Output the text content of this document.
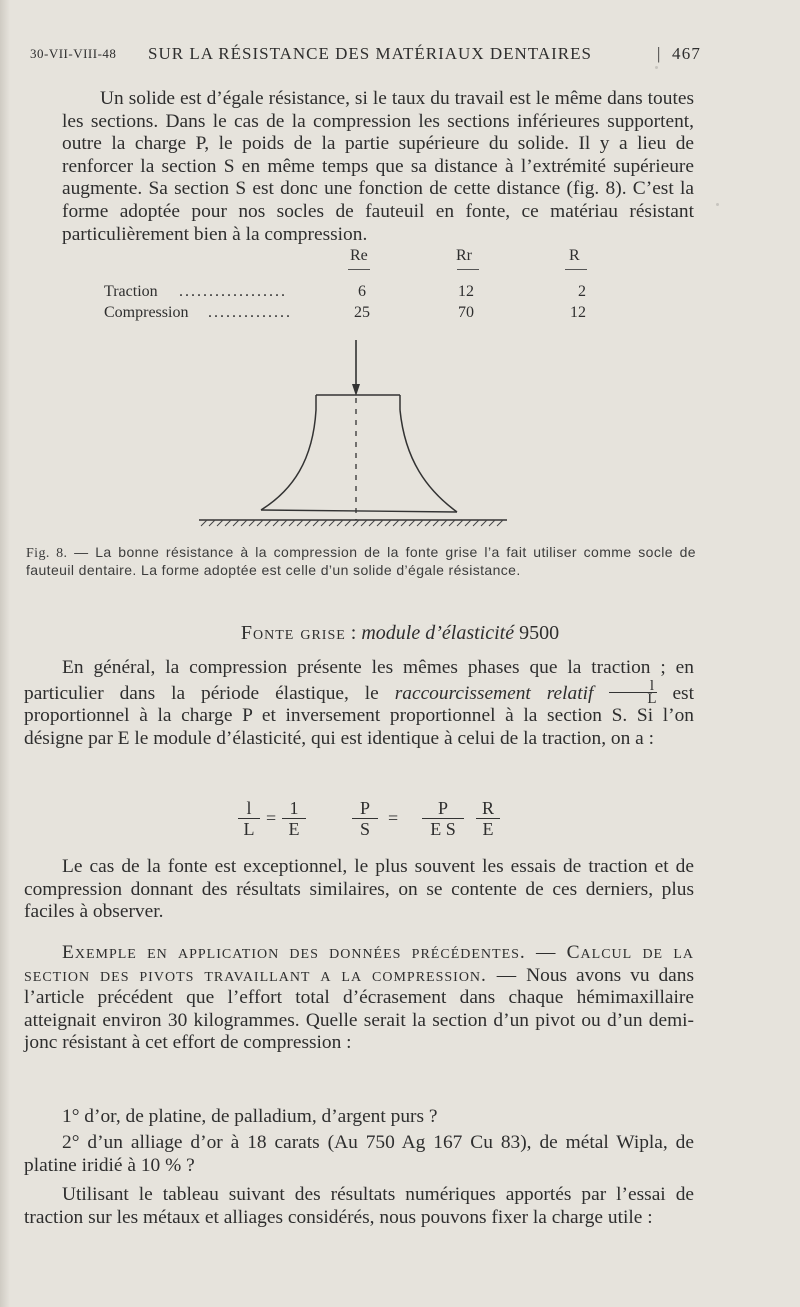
30-VII-VIII-48 SUR LA RÉSISTANCE DES MATÉRIAUX DENTAIRES	| 467

Un solide est d’égale résistance, si le taux du travail est le même dans toutes les sections. Dans le cas de la compression les sections inférieures supportent, outre la charge P, le poids de la partie supérieure du solide. Il y a lieu de renforcer la section S en même temps que sa distance à l’extrémité supérieure augmente. Sa section S est donc une fonction de cette distance (fig. 8). C’est la forme adoptée pour nos socles de fauteuil en fonte, ce matériau résistant particulièrement bien à la compression.

Re	Rr	R
Traction ..................	6	12	2
Compression ..............	25	70	12
Fig. 8. — La bonne résistance à la compression de la fonte grise l’a fait utiliser comme socle de fauteuil dentaire. La forme adoptée est celle d’un solide d’égale résistance.
Fonte grise : module d’élasticité 9500

En général, la compression présente les mêmes phases que la traction ; en particulier dans la période élastique, le raccourcissement relatif $\frac{l}{L}$ est proportionnel à la charge P et inversement proportionnel à la section S. Si l’on désigne par E le module d’élasticité, qui est identique à celui de la traction, on a :

$\frac{l}{L} = \frac{1}{E}$	$\frac{P}{S} = \frac{P}{\text{E S}} \frac{R}{E}$

Le cas de la fonte est exceptionnel, le plus souvent les essais de traction et de compression donnant des résultats similaires, on se contente de ces derniers, plus faciles à observer.

Exemple en application des données précédentes. — Calcul de la section des pivots travaillant a la compression. — Nous avons vu dans l’article précédent que l’effort total d’écrasement dans chaque hémimaxillaire atteignait environ 30 kilogrammes. Quelle serait la section d’un pivot ou d’un demi-jonc résistant à cet effort de compression :

1° d’or, de platine, de palladium, d’argent purs ?

2° d’un alliage d’or à 18 carats (Au 750 Ag 167 Cu 83), de métal Wipla, de platine iridié à 10 % ?

Utilisant le tableau suivant des résultats numériques apportés par l’essai de traction sur les métaux et alliages considérés, nous pouvons fixer la charge utile :
